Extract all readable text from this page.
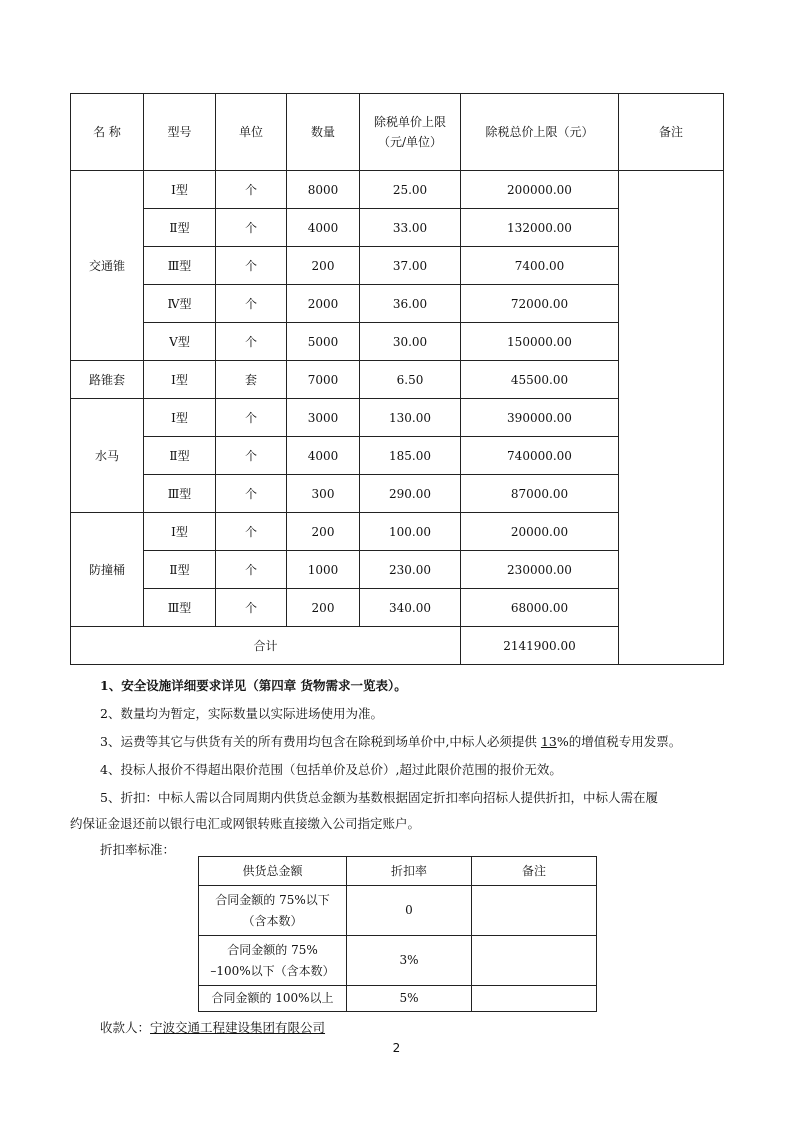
名 称	型号	单位	数量	除税单价上限
（元/单位）	除税总价上限（元）	备注
交通锥	Ⅰ型	个	8000	25.00	200000.00	
	Ⅱ型	个	4000	33.00	132000.00	
	Ⅲ型	个	200	37.00	7400.00	
	Ⅳ型	个	2000	36.00	72000.00	
	Ⅴ型	个	5000	30.00	150000.00	
路锥套	Ⅰ型	套	7000	6.50	45500.00	
水马	Ⅰ型	个	3000	130.00	390000.00	
	Ⅱ型	个	4000	185.00	740000.00	
	Ⅲ型	个	300	290.00	87000.00	
防撞桶	Ⅰ型	个	200	100.00	20000.00	
	Ⅱ型	个	1000	230.00	230000.00	
	Ⅲ型	个	200	340.00	68000.00	
合计					2141900.00	
1、安全设施详细要求详见（第四章 货物需求一览表）。
2、数量均为暂定，实际数量以实际进场使用为准。
3、运费等其它与供货有关的所有费用均包含在除税到场单价中,中标人必须提供 13%的增值税专用发票。
4、投标人报价不得超出限价范围（包括单价及总价）,超过此限价范围的报价无效。
5、折扣：中标人需以合同周期内供货总金额为基数根据固定折扣率向招标人提供折扣，中标人需在履
约保证金退还前以银行电汇或网银转账直接缴入公司指定账户。
折扣率标准：
供货总金额	折扣率	备注
合同金额的 75%以下
（含本数）	0	
合同金额的 75%
–100%以下（含本数）	3%	
合同金额的 100%以上	5%	
收款人：宁波交通工程建设集团有限公司
2
